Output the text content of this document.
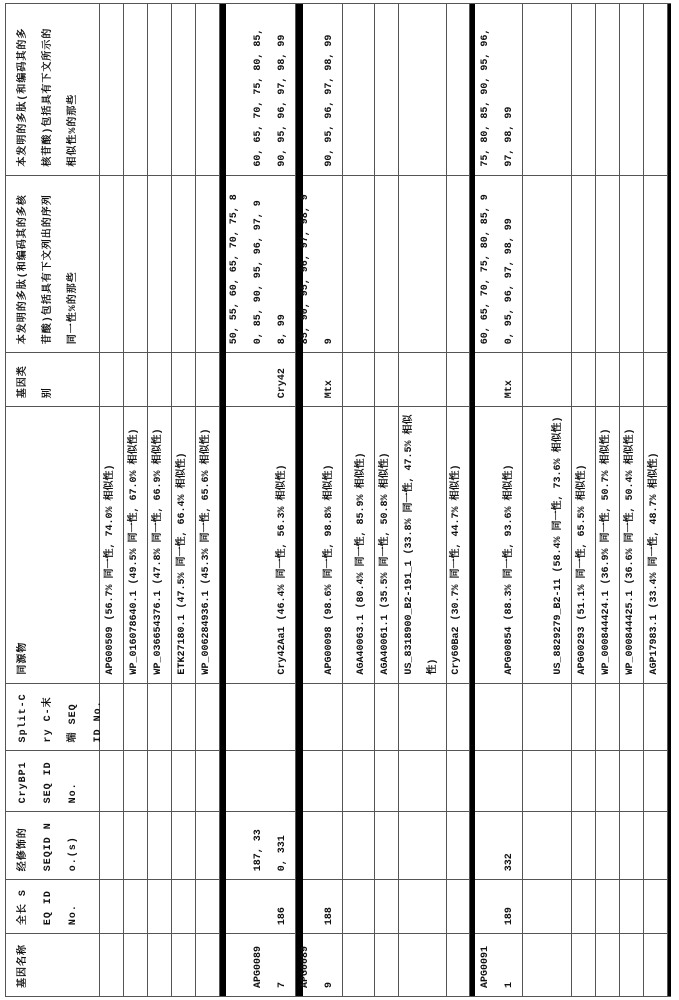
基因名称
全长 SEQ ID No.
经修饰的 SEQID No.(s)
CryBP1 SEQ ID No.
Split-Cry C-末端 SEQ ID No.
同源物
基因类别
本发明的多肽(和编码其的多核苷酸)包括具有下文列出的序列同一性%的那些
本发明的多肽(和编码其的多核苷酸)包括具有下文所示的相似性%的那些
APG00509 (56.7% 同一性, 74.0% 相似性)	WP_016078640.1 (49.5% 同一性, 67.0% 相似性)	WP_036654376.1 (47.8% 同一性, 66.9% 相似性)	ETK27180.1 (47.5% 同一性, 66.4% 相似性)	WP_006284936.1 (45.3% 同一性, 65.6% 相似性)
APG00897
186
187, 330, 331
Cry42Aa1 (46.4% 同一性, 56.3% 相似性)
Cry42
50, 55, 60, 65, 70, 75, 80, 85, 90, 95, 96, 97, 98, 99
60, 65, 70, 75, 80, 85, 90, 95, 96, 97, 98, 99
APG00899
188
APG00098 (98.6% 同一性, 98.8% 相似性)
Mtx
85, 90, 95, 96, 97, 98, 99
90, 95, 96, 97, 98, 99
AGA40063.1 (80.4% 同一性, 85.9% 相似性)	AGA40061.1 (35.5% 同一性, 50.8% 相似性)	US_8318900_B2-191_1 (33.8% 同一性, 47.5% 相似性)	Cry60Ba2 (30.7% 同一性, 44.7% 相似性)
APG00911
189
332
APG00854 (88.3% 同一性, 93.6% 相似性)
Mtx
60, 65, 70, 75, 80, 85, 90, 95, 96, 97, 98, 99
75, 80, 85, 90, 95, 96, 97, 98, 99
US_8829279_B2-11 (58.4% 同一性, 73.6% 相似性)	APG00293 (51.1% 同一性, 65.5% 相似性)	WP_000844424.1 (36.9% 同一性, 50.7% 相似性)	WP_000844425.1 (36.6% 同一性, 50.4% 相似性)	AGP17983.1 (33.4% 同一性, 48.7% 相似性)
